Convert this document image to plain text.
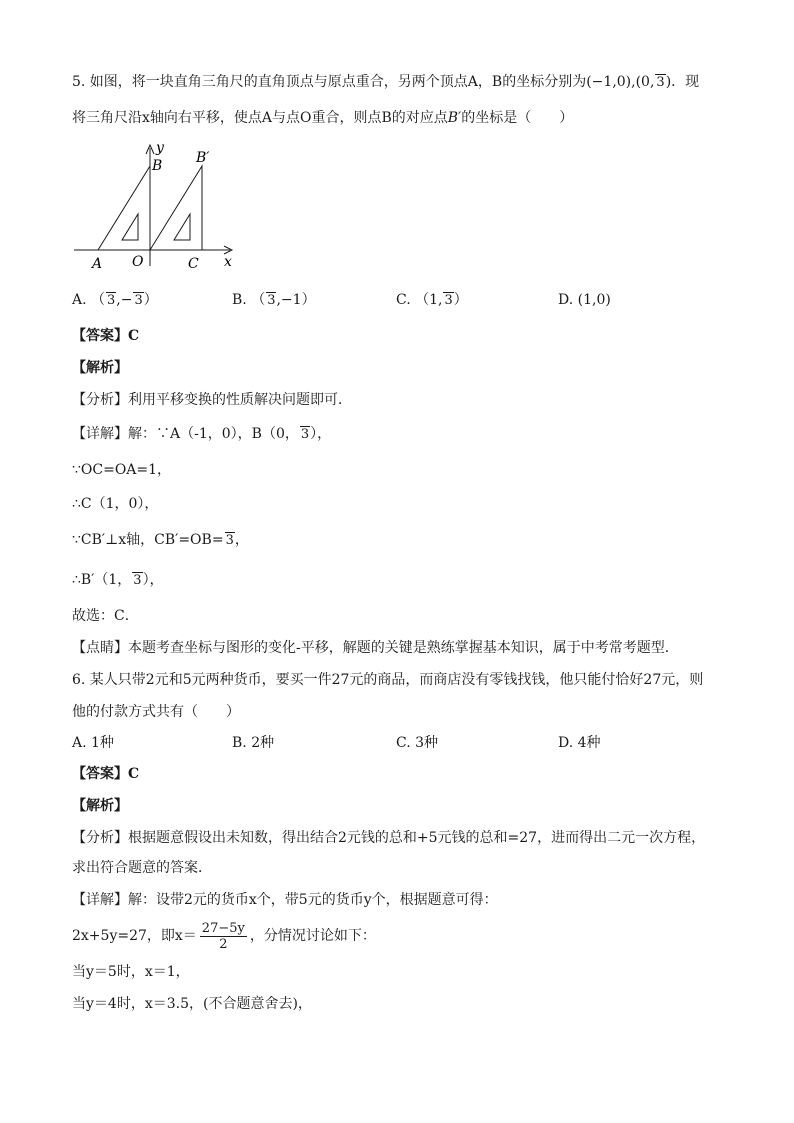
5. 如图，将一块直角三角尺的直角顶点与原点重合，另两个顶点A，B的坐标分别为(−1,0),(0, 3)．现
将三角尺沿x轴向右平移，使点A与点O重合，则点B的对应点B′的坐标是（　　）
y
B B′
A O	C x
A. （ 3,− 3）	B. （ 3,−1）	C. （1, 3）	D. (1,0)
【答案】C
【解析】
【分析】利用平移变换的性质解决问题即可．
【详解】解：∵A（-1，0），B（0， 3），
∵OC=OA=1，
∴C（1，0），
∵CB′⊥x轴，CB′=OB= 3，
∴B′（1， 3），
故选：C．
【点睛】本题考查坐标与图形的变化-平移，解题的关键是熟练掌握基本知识，属于中考常考题型．
6. 某人只带2元和5元两种货币，要买一件27元的商品，而商店没有零钱找钱，他只能付恰好27元，则
他的付款方式共有（　　）
A. 1种	B. 2种	C. 3种	D. 4种
【答案】C
【解析】
【分析】根据题意假设出未知数，得出结合2元钱的总和+5元钱的总和=27，进而得出二元一次方程，
求出符合题意的答案．
【详解】解：设带2元的货币x个，带5元的货币y个，根据题意可得：
2x+5y=27，即$x= \frac{27-5y}{2}$ ，分情况讨论如下：
当y＝5时，x＝1，
当y＝4时，x＝3.5，(不合题意舍去)，
